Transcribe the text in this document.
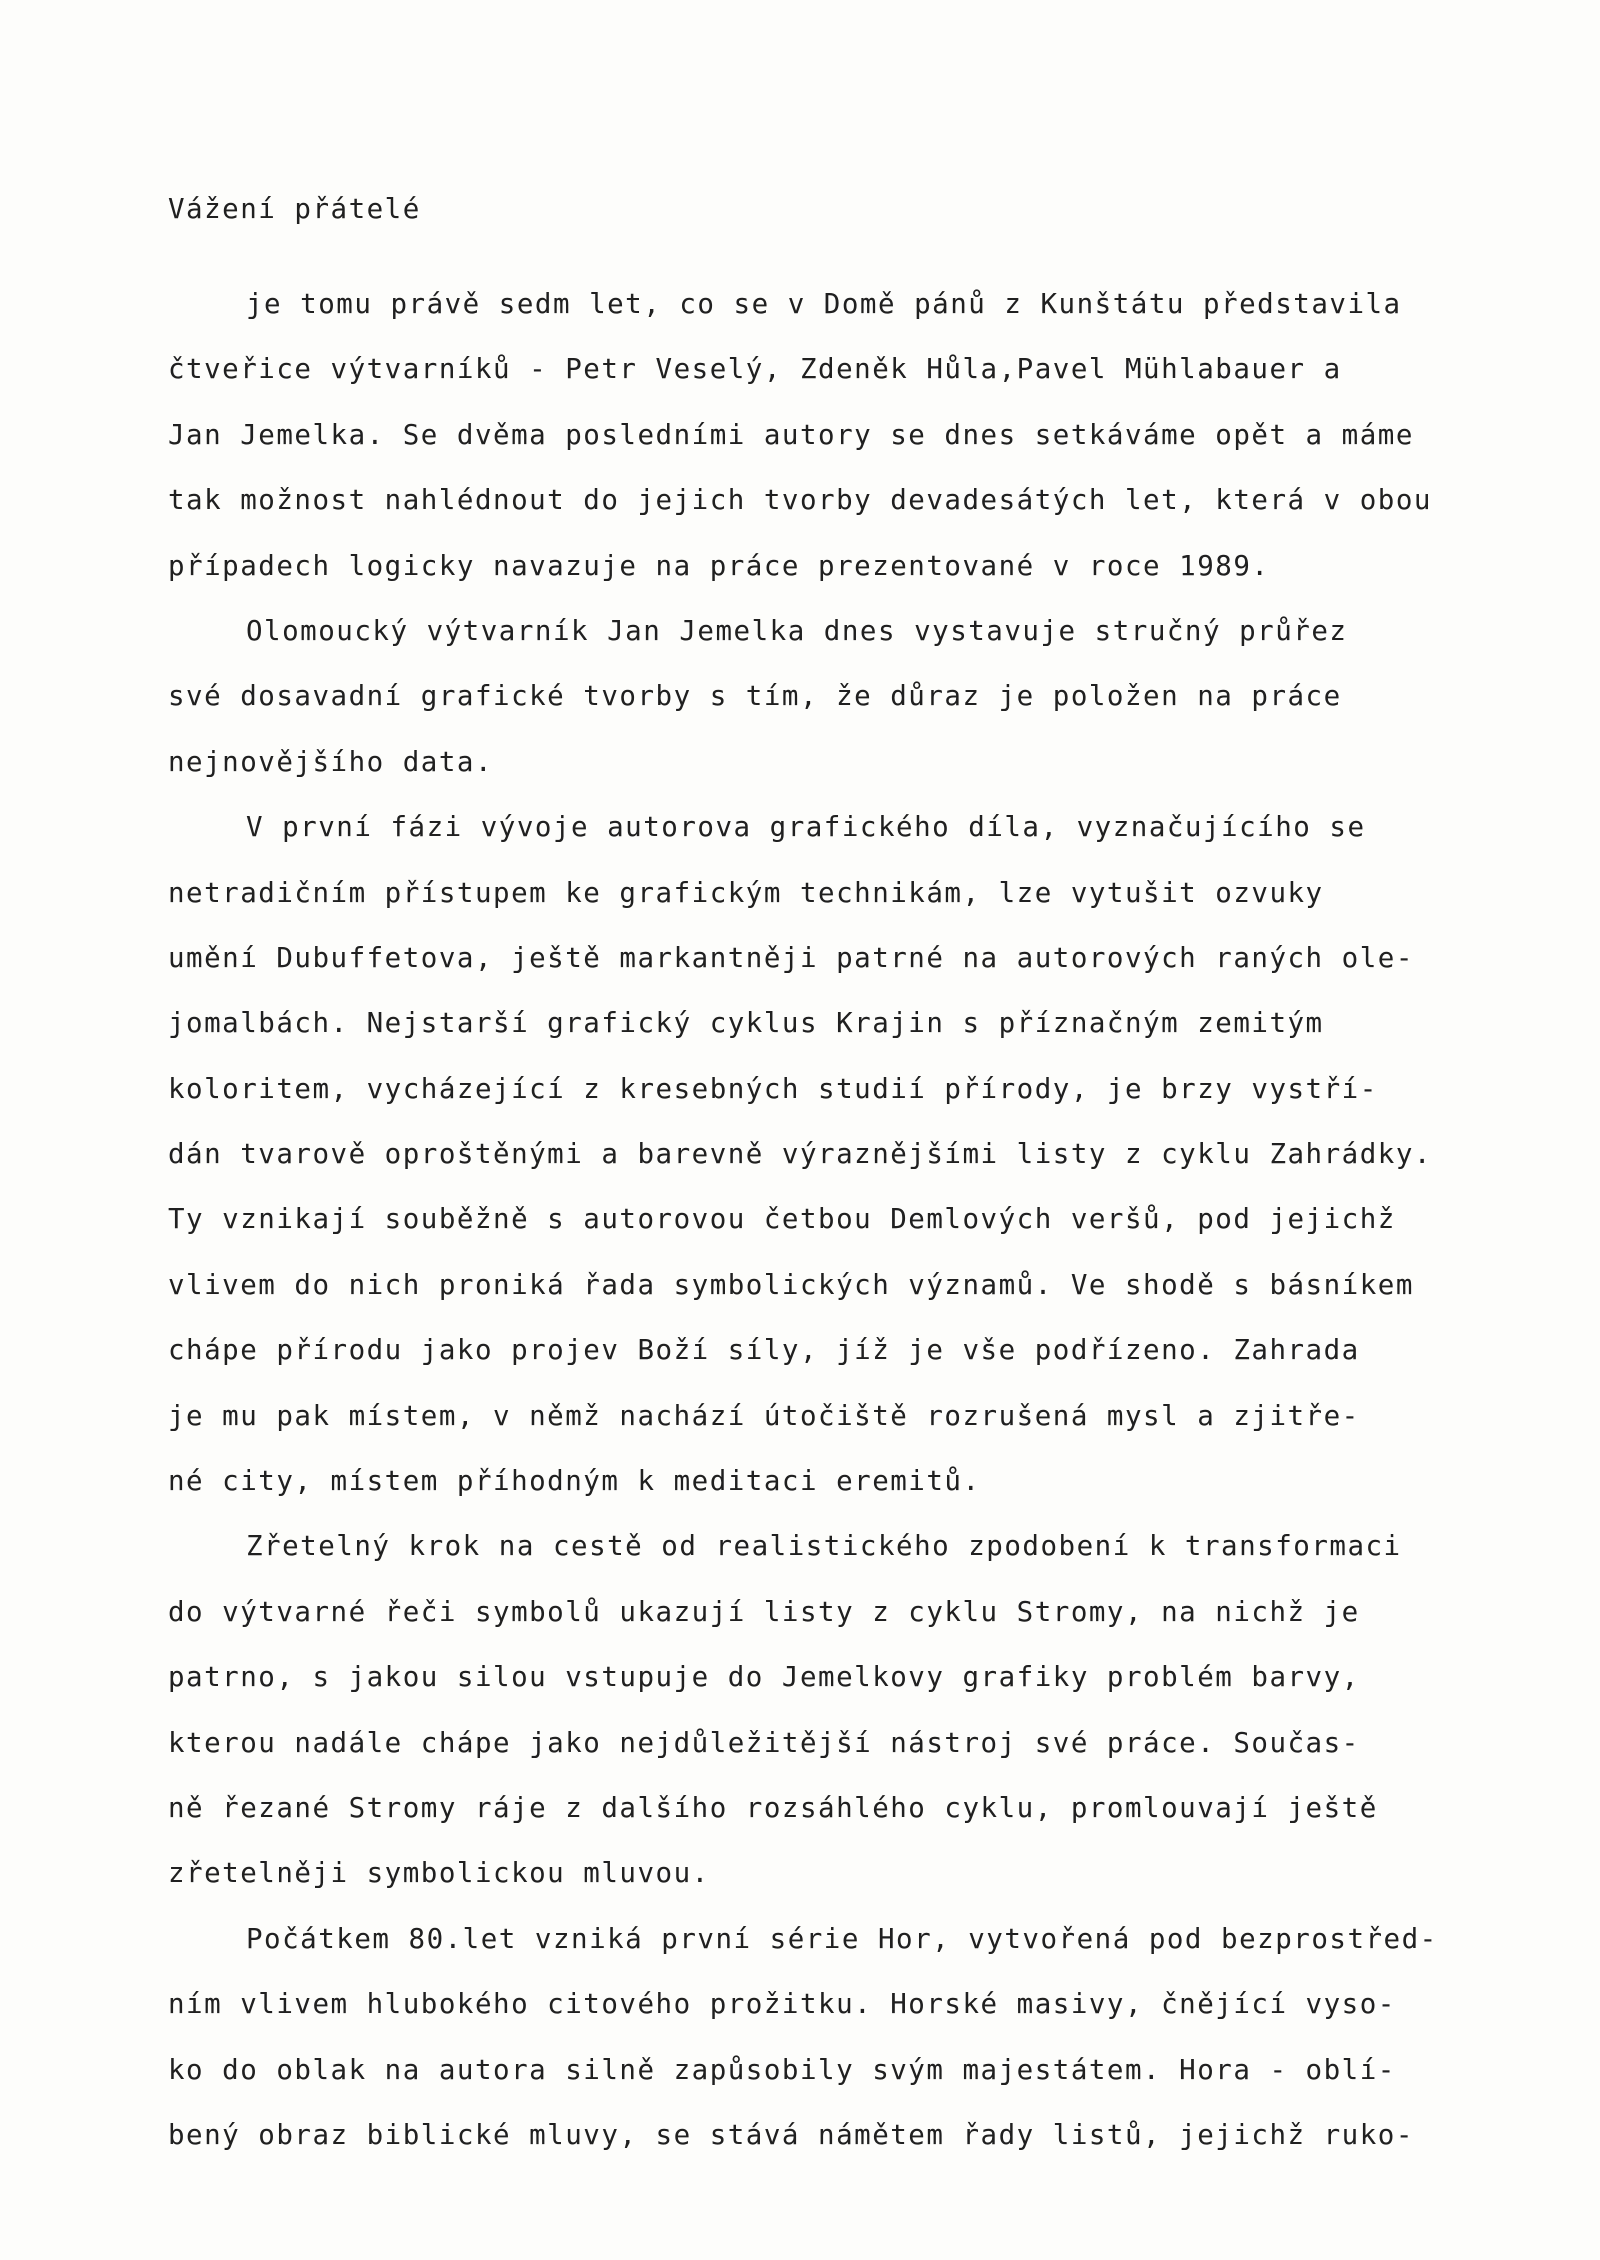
Vážení přátelé
je tomu právě sedm let, co se v Domě pánů z Kunštátu představila
čtveřice výtvarníků - Petr Veselý, Zdeněk Hůla,Pavel Mühlabauer a
Jan Jemelka. Se dvěma posledními autory se dnes setkáváme opět a máme
tak možnost nahlédnout do jejich tvorby devadesátých let, která v obou
případech logicky navazuje na práce prezentované v roce 1989.
Olomoucký výtvarník Jan Jemelka dnes vystavuje stručný průřez
své dosavadní grafické tvorby s tím, že důraz je položen na práce
nejnovějšího data.
V první fázi vývoje autorova grafického díla, vyznačujícího se
netradičním přístupem ke grafickým technikám, lze vytušit ozvuky
umění Dubuffetova, ještě markantněji patrné na autorových raných ole-
jomalbách. Nejstarší grafický cyklus Krajin s příznačným zemitým
koloritem, vycházející z kresebných studií přírody, je brzy vystří-
dán tvarově oproštěnými a barevně výraznějšími listy z cyklu Zahrádky.
Ty vznikají souběžně s autorovou četbou Demlových veršů, pod jejichž
vlivem do nich proniká řada symbolických významů. Ve shodě s básníkem
chápe přírodu jako projev Boží síly, jíž je vše podřízeno. Zahrada
je mu pak místem, v němž nachází útočiště rozrušená mysl a zjitře-
né city, místem příhodným k meditaci eremitů.
Zřetelný krok na cestě od realistického zpodobení k transformaci
do výtvarné řeči symbolů ukazují listy z cyklu Stromy, na nichž je
patrno, s jakou silou vstupuje do Jemelkovy grafiky problém barvy,
kterou nadále chápe jako nejdůležitější nástroj své práce. Součas-
ně řezané Stromy ráje z dalšího rozsáhlého cyklu, promlouvají ještě
zřetelněji symbolickou mluvou.
Počátkem 80.let vzniká první série Hor, vytvořená pod bezprostřed-
ním vlivem hlubokého citového prožitku. Horské masivy, čnějící vyso-
ko do oblak na autora silně zapůsobily svým majestátem. Hora - oblí-
bený obraz biblické mluvy, se stává námětem řady listů, jejichž ruko-
